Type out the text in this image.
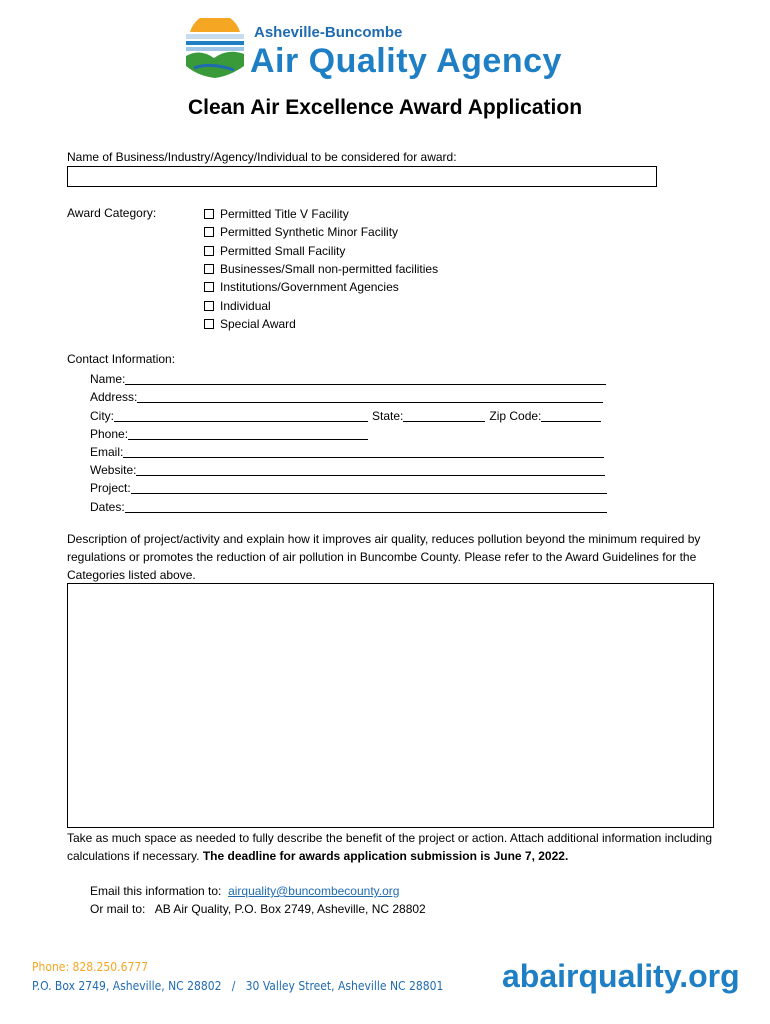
Asheville-Buncombe
Air Quality Agency
Clean Air Excellence Award Application
Name of Business/Industry/Agency/Individual to be considered for award:
Award Category:	Permitted Title V Facility
Permitted Synthetic Minor Facility
Permitted Small Facility
Businesses/Small non-permitted facilities
Institutions/Government Agencies
Individual
Special Award
Contact Information:
Name:
Address:
City:	State:	Zip Code:
Phone:
Email:
Website:
Project:
Dates:
Description of project/activity and explain how it improves air quality, reduces pollution beyond the minimum required by regulations or promotes the reduction of air pollution in Buncombe County. Please refer to the Award Guidelines for the Categories listed above.
Take as much space as needed to fully describe the benefit of the project or action. Attach additional information including calculations if necessary. The deadline for awards application submission is June 7, 2022.
Email this information to: airquality@buncombecounty.org
Or mail to: AB Air Quality, P.O. Box 2749, Asheville, NC 28802
Phone: 828.250.6777
P.O. Box 2749, Asheville, NC 28802   /   30 Valley Street, Asheville NC 28801 abairquality.org
